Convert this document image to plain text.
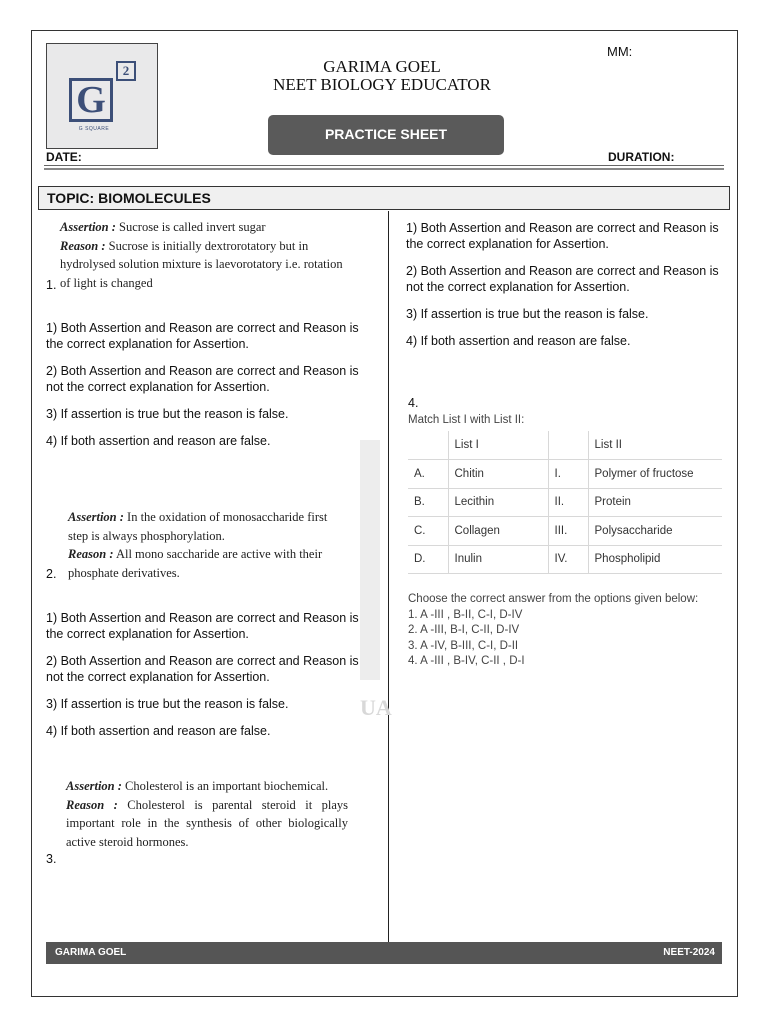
G
2
G SQUARE
GARIMA GOEL
NEET BIOLOGY EDUCATOR
MM:
PRACTICE SHEET
DATE:	DURATION:
TOPIC: BIOMOLECULES
UA
Assertion : Sucrose is called invert sugar
Reason : Sucrose is initially dextrorotatory but in hydrolysed solution mixture is laevorotatory i.e. rotation of light is changed
1.

1) Both Assertion and Reason are correct and Reason is the correct explanation for Assertion.

2) Both Assertion and Reason are correct and Reason is not the correct explanation for Assertion.

3) If assertion is true but the reason is false.

4) If both assertion and reason are false.

Assertion : In the oxidation of monosaccharide first step is always phosphorylation.
Reason : All mono saccharide are active with their phosphate derivatives.
2.

1) Both Assertion and Reason are correct and Reason is the correct explanation for Assertion.

2) Both Assertion and Reason are correct and Reason is not the correct explanation for Assertion.

3) If assertion is true but the reason is false.

4) If both assertion and reason are false.

Assertion : Cholesterol is an important biochemical.
Reason : Cholesterol is parental steroid it plays important role in the synthesis of other biologically active steroid hormones.
3.

1) Both Assertion and Reason are correct and Reason is the correct explanation for Assertion.

2) Both Assertion and Reason are correct and Reason is not the correct explanation for Assertion.

3) If assertion is true but the reason is false.

4) If both assertion and reason are false.

4.
Match List I with List II:
	List I		List II
A.	Chitin	I.	Polymer of fructose
B.	Lecithin	II.	Protein
C.	Collagen	III.	Polysaccharide
D.	Inulin	IV.	Phospholipid
Choose the correct answer from the options given below:
1. A -III , B-II, C-I, D-IV
2. A -III, B-I, C-II, D-IV
3. A -IV, B-III, C-I, D-II
4. A -III , B-IV, C-II , D-I
GARIMA GOEL	NEET-2024
